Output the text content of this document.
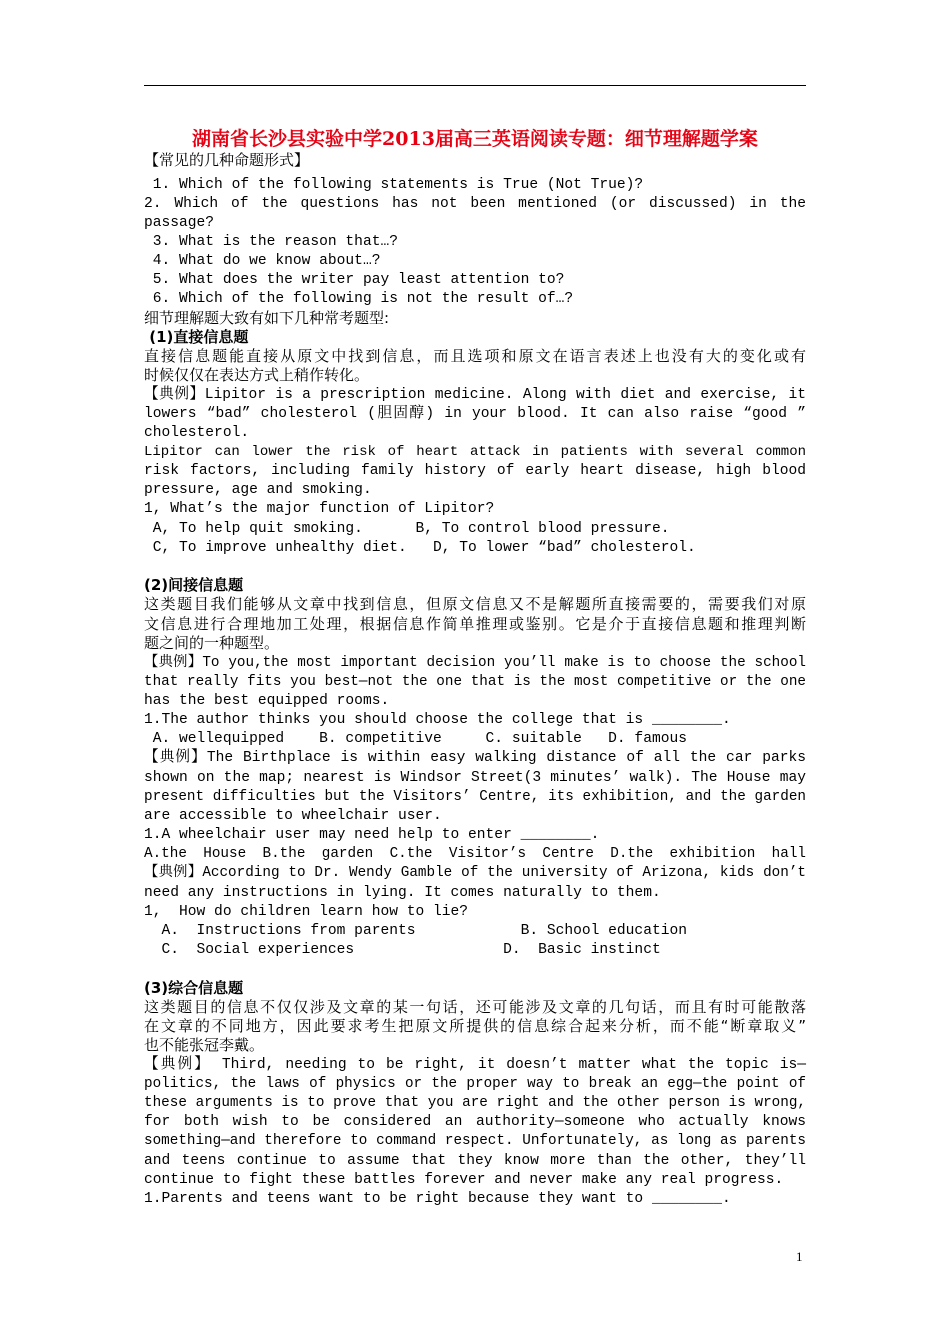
湖南省长沙县实验中学2013届高三英语阅读专题：细节理解题学案
【常见的几种命题形式】
1. Which of the following statements is True (Not True)?
2. Which of the questions has not been mentioned (or discussed) in the
passage?
3. What is the reason that…?
4. What do we know about…?
5. What does the writer pay least attention to?
6. Which of the following is not the result of…?
细节理解题大致有如下几种常考题型:
(1)直接信息题
直接信息题能直接从原文中找到信息，而且选项和原文在语言表述上也没有大的变化或有
时候仅仅在表达方式上稍作转化。
【典例】Lipitor is a prescription medicine. Along with diet and exercise, it
lowers “bad” cholesterol (胆固醇) in your blood. It can also raise “good ”
cholesterol.
Lipitor can lower the risk of heart attack in patients with several common
risk factors, including family history of early heart disease, high blood
pressure, age and smoking.
1, What’s the major function of Lipitor?
A, To help quit smoking.      B, To control blood pressure.
C, To improve unhealthy diet.   D, To lower “bad” cholesterol.
(2)间接信息题
这类题目我们能够从文章中找到信息，但原文信息又不是解题所直接需要的，需要我们对原
文信息进行合理地加工处理，根据信息作简单推理或鉴别。它是介于直接信息题和推理判断
题之间的一种题型。
【典例】To you,the most important decision you’ll make is to choose the school
that really fits you best—not the one that is the most competitive or the one
has the best equipped rooms.
1.The author thinks you should choose the college that is ________.
A. wellequipped    B. competitive     C. suitable   D. famous
【典例】The Birthplace is within easy walking distance of all the car parks
shown on the map; nearest is Windsor Street(3 minutes’ walk). The House may
present difficulties but the Visitors’ Centre, its exhibition, and the garden
are accessible to wheelchair user.
1.A wheelchair user may need help to enter ________.
A.the House B.the garden C.the Visitor’s Centre D.the exhibition hall
【典例】According to Dr. Wendy Gamble of the university of Arizona, kids don’t
need any instructions in lying. It comes naturally to them.
1,  How do children learn how to lie?
A.  Instructions from parents            B. School education
C.  Social experiences                 D.  Basic instinct
(3)综合信息题
这类题目的信息不仅仅涉及文章的某一句话，还可能涉及文章的几句话，而且有时可能散落
在文章的不同地方，因此要求考生把原文所提供的信息综合起来分析，而不能“断章取义”
也不能张冠李戴。
【典例】 Third, needing to be right, it doesn’t matter what the topic is—
politics, the laws of physics or the proper way to break an egg—the point of
these arguments is to prove that you are right and the other person is wrong,
for both wish to be considered an authority—someone who actually knows
something—and therefore to command respect. Unfortunately, as long as parents
and teens continue to assume that they know more than the other, they’ll
continue to fight these battles forever and never make any real progress.
1.Parents and teens want to be right because they want to ________.
1
